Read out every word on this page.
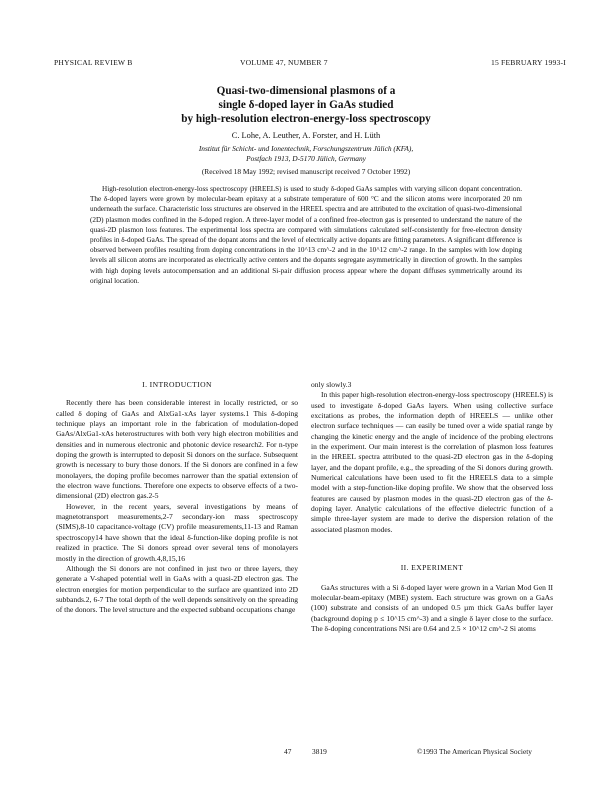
PHYSICAL REVIEW B	VOLUME 47, NUMBER 7	15 FEBRUARY 1993-I
Quasi-two-dimensional plasmons of a
single δ-doped layer in GaAs studied
by high-resolution electron-energy-loss spectroscopy
C. Lohe, A. Leuther, A. Forster, and H. Lüth
Institut für Schicht- und Ionentechnik, Forschungszentrum Jülich (KFA),
Postfach 1913, D-5170 Jülich, Germany
(Received 18 May 1992; revised manuscript received 7 October 1992)

High-resolution electron-energy-loss spectroscopy (HREELS) is used to study δ-doped GaAs samples with varying silicon dopant concentration. The δ-doped layers were grown by molecular-beam epitaxy at a substrate temperature of 600 °C and the silicon atoms were incorporated 20 nm underneath the surface. Characteristic loss structures are observed in the HREEL spectra and are attributed to the excitation of quasi-two-dimensional (2D) plasmon modes confined in the δ-doped region. A three-layer model of a confined free-electron gas is presented to understand the nature of the quasi-2D plasmon loss features. The experimental loss spectra are compared with simulations calculated self-consistently for free-electron density profiles in δ-doped GaAs. The spread of the dopant atoms and the level of electrically active dopants are fitting parameters. A significant difference is observed between profiles resulting from doping concentrations in the 10^13 cm^-2 and in the 10^12 cm^-2 range. In the samples with low doping levels all silicon atoms are incorporated as electrically active centers and the dopants segregate asymmetrically in direction of growth. In the samples with high doping levels autocompensation and an additional Si-pair diffusion process appear where the dopant diffuses symmetrically around its original location.

I. INTRODUCTION

Recently there has been considerable interest in locally restricted, or so called δ doping of GaAs and AlxGa1-xAs layer systems.1 This δ-doping technique plays an important role in the fabrication of modulation-doped GaAs/AlxGa1-xAs heterostructures with both very high electron mobilities and densities and in numerous electronic and photonic device research2. For n-type doping the growth is interrupted to deposit Si donors on the surface. Subsequent growth is necessary to bury those donors. If the Si donors are confined in a few monolayers, the doping profile becomes narrower than the spatial extension of the electron wave functions. Therefore one expects to observe effects of a two-dimensional (2D) electron gas.2-5

However, in the recent years, several investigations by means of magnetotransport measurements,2-7 secondary-ion mass spectroscopy (SIMS),8-10 capacitance-voltage (CV) profile measurements,11-13 and Raman spectroscopy14 have shown that the ideal δ-function-like doping profile is not realized in practice. The Si donors spread over several tens of monolayers mostly in the direction of growth.4,8,15,16

Although the Si donors are not confined in just two or three layers, they generate a V-shaped potential well in GaAs with a quasi-2D electron gas. The electron energies for motion perpendicular to the surface are quantized into 2D subbands.2, 6-7 The total depth of the well depends sensitively on the spreading of the donors. The level structure and the expected subband occupations change

only slowly.3

In this paper high-resolution electron-energy-loss spectroscopy (HREELS) is used to investigate δ-doped GaAs layers. When using collective surface excitations as probes, the information depth of HREELS — unlike other electron surface techniques — can easily be tuned over a wide spatial range by changing the kinetic energy and the angle of incidence of the probing electrons in the experiment. Our main interest is the correlation of plasmon loss features in the HREEL spectra attributed to the quasi-2D electron gas in the δ-doping layer, and the dopant profile, e.g., the spreading of the Si donors during growth. Numerical calculations have been used to fit the HREELS data to a simple model with a step-function-like doping profile. We show that the observed loss features are caused by plasmon modes in the quasi-2D electron gas of the δ-doping layer. Analytic calculations of the effective dielectric function of a simple three-layer system are made to derive the dispersion relation of the associated plasmon modes.

II. EXPERIMENT

GaAs structures with a Si δ-doped layer were grown in a Varian Mod Gen II molecular-beam-epitaxy (MBE) system. Each structure was grown on a GaAs (100) substrate and consists of an undoped 0.5 µm thick GaAs buffer layer (background doping p ≤ 10^15 cm^-3) and a single δ layer close to the surface. The δ-doping concentrations NSi are 0.64 and 2.5 × 10^12 cm^-2 Si atoms

47	3819	©1993 The American Physical Society
